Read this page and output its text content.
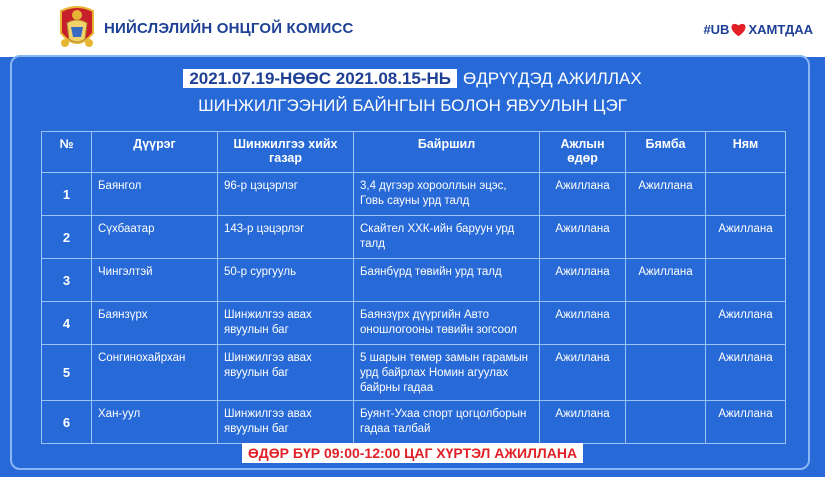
НИЙСЛЭЛИЙН ОНЦГОЙ КОМИСС	#UB ХАМТДАА
2021.07.19-НӨӨС 2021.08.15-НЬ ӨДРҮҮДЭД АЖИЛЛАХ
ШИНЖИЛГЭЭНИЙ БАЙНГЫН БОЛОН ЯВУУЛЫН ЦЭГ
№	Дүүрэг	Шинжилгээ хийх газар	Байршил	Ажлын өдөр	Бямба	Ням
1	Баянгол	96-р цэцэрлэг	3,4 дүгээр хорооллын эцэс, Говь сауны урд талд	Ажиллана	Ажиллана	
2	Сүхбаатар	143-р цэцэрлэг	Скайтел ХХК-ийн баруун урд талд	Ажиллана		Ажиллана
3	Чингэлтэй	50-р сургууль	Баянбүрд төвийн урд талд	Ажиллана	Ажиллана	
4	Баянзүрх	Шинжилгээ авах явуулын баг	Баянзүрх дүүргийн Авто оношлогооны төвийн зогсоол	Ажиллана		Ажиллана
5	Сонгинохайрхан	Шинжилгээ авах явуулын баг	5 шарын төмөр замын гарамын урд байрлах Номин агуулах байрны гадаа	Ажиллана		Ажиллана
6	Хан-уул	Шинжилгээ авах явуулын баг	Буянт-Ухаа спорт цогцолборын гадаа талбай	Ажиллана		Ажиллана
ӨДӨР БҮР 09:00-12:00 ЦАГ ХҮРТЭЛ АЖИЛЛАНА
